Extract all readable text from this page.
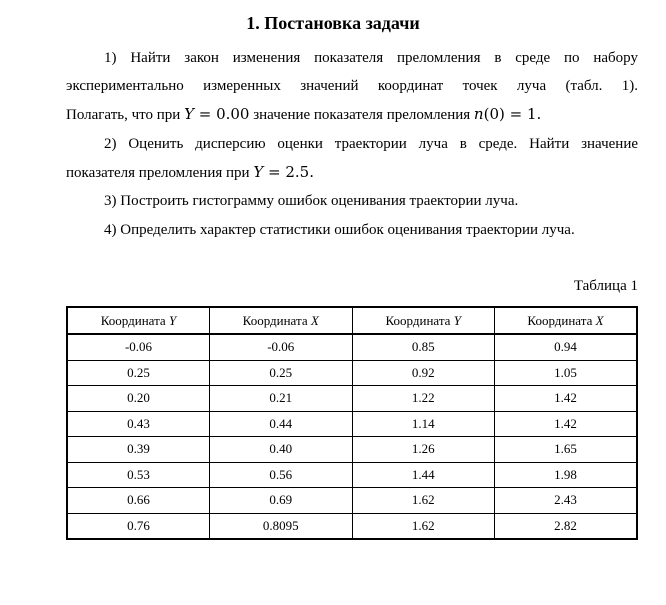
1. Постановка задачи
1) Найти закон изменения показателя преломления в среде по набору
экспериментально измеренных значений координат точек луча (табл. 1).
Полагать, что при Y = 0.00 значение показателя преломления n(0) = 1.
2) Оценить дисперсию оценки траектории луча в среде. Найти значение
показателя преломления при Y = 2.5.
3) Построить гистограмму ошибок оценивания траектории луча.
4) Определить характер статистики ошибок оценивания траектории луча.
Таблица 1
Координата Y	Координата X	Координата Y	Координата X
-0.06	-0.06	0.85	0.94
0.25	0.25	0.92	1.05
0.20	0.21	1.22	1.42
0.43	0.44	1.14	1.42
0.39	0.40	1.26	1.65
0.53	0.56	1.44	1.98
0.66	0.69	1.62	2.43
0.76	0.8095	1.62	2.82
